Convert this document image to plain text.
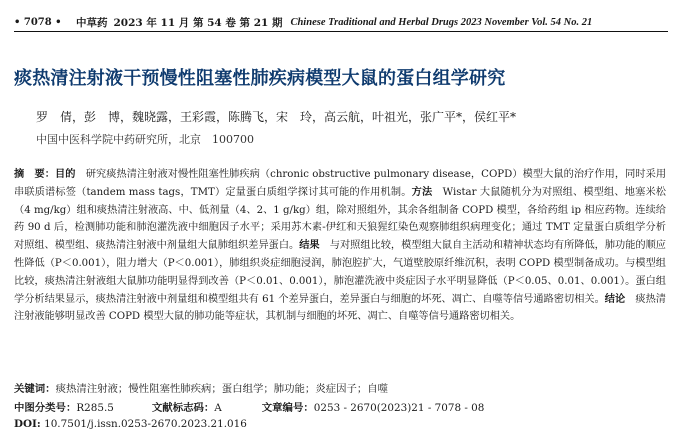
• 7078 •	中草药 2023 年 11 月 第 54 卷 第 21 期 Chinese Traditional and Herbal Drugs 2023 November Vol. 54 No. 21
痰热清注射液干预慢性阻塞性肺疾病模型大鼠的蛋白组学研究
罗　倩，彭　博，魏晓露，王彩霞，陈腾飞，宋　玲，高云航，叶祖光，张广平*，侯红平*
中国中医科学院中药研究所，北京　100700
摘　要：目的　研究痰热清注射液对慢性阻塞性肺疾病（chronic obstructive pulmonary disease，COPD）模型大鼠的治疗作用，同时采用串联质谱标签（tandem mass tags，TMT）定量蛋白质组学探讨其可能的作用机制。方法　Wistar 大鼠随机分为对照组、模型组、地塞米松（4 mg/kg）组和痰热清注射液高、中、低剂量（4、2、1 g/kg）组，除对照组外，其余各组制备 COPD 模型，各给药组 ip 相应药物。连续给药 90 d 后，检测肺功能和肺泡灌洗液中细胞因子水平；采用苏木素-伊红和天狼猩红染色观察肺组织病理变化；通过 TMT 定量蛋白质组学分析对照组、模型组、痰热清注射液中剂量组大鼠肺组织差异蛋白。结果　与对照组比较，模型组大鼠自主活动和精神状态均有所降低，肺功能的顺应性降低（P＜0.001），阻力增大（P＜0.001），肺组织炎症细胞浸润，肺泡腔扩大，气道壁胶原纤维沉积，表明 COPD 模型制备成功。与模型组比较，痰热清注射液组大鼠肺功能明显得到改善（P＜0.01、0.001），肺泡灌洗液中炎症因子水平明显降低（P＜0.05、0.01、0.001）。蛋白组学分析结果显示，痰热清注射液中剂量组和模型组共有 61 个差异蛋白，差异蛋白与细胞的坏死、凋亡、自噬等信号通路密切相关。结论　痰热清注射液能够明显改善 COPD 模型大鼠的肺功能等症状，其机制与细胞的坏死、凋亡、自噬等信号通路密切相关。
关键词：痰热清注射液；慢性阻塞性肺疾病；蛋白组学；肺功能；炎症因子；自噬
中图分类号：R285.5	文献标志码：A	文章编号：0253 - 2670(2023)21 - 7078 - 08
DOI: 10.7501/j.issn.0253-2670.2023.21.016
